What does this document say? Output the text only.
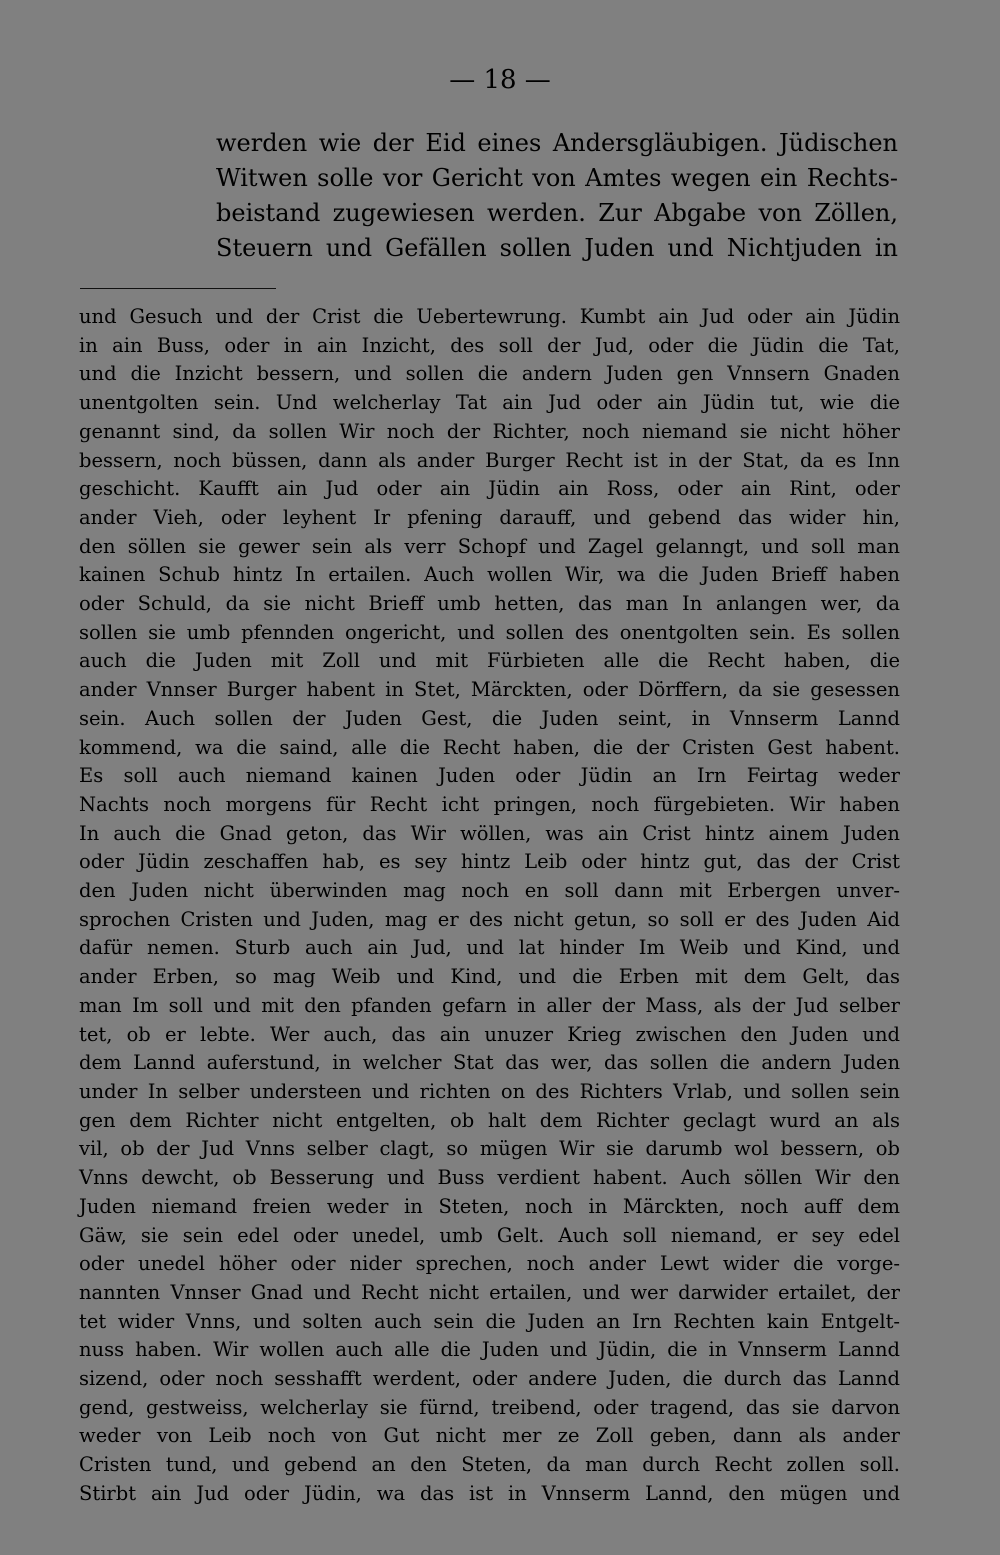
— 18 —
werden wie der Eid eines Andersgläubigen. Jüdischen
Witwen solle vor Gericht von Amtes wegen ein Rechts-
beistand zugewiesen werden. Zur Abgabe von Zöllen,
Steuern und Gefällen sollen Juden und Nichtjuden in
und Gesuch und der Crist die Uebertewrung. Kumbt ain Jud oder ain Jüdin
in ain Buss, oder in ain Inzicht, des soll der Jud, oder die Jüdin die Tat,
und die Inzicht bessern, und sollen die andern Juden gen Vnnsern Gnaden
unentgolten sein. Und welcherlay Tat ain Jud oder ain Jüdin tut, wie die
genannt sind, da sollen Wir noch der Richter, noch niemand sie nicht höher
bessern, noch büssen, dann als ander Burger Recht ist in der Stat, da es Inn
geschicht. Kaufft ain Jud oder ain Jüdin ain Ross, oder ain Rint, oder
ander Vieh, oder leyhent Ir pfening darauff, und gebend das wider hin,
den söllen sie gewer sein als verr Schopf und Zagel gelanngt, und soll man
kainen Schub hintz In ertailen. Auch wollen Wir, wa die Juden Brieff haben
oder Schuld, da sie nicht Brieff umb hetten, das man In anlangen wer, da
sollen sie umb pfennden ongericht, und sollen des onentgolten sein. Es sollen
auch die Juden mit Zoll und mit Fürbieten alle die Recht haben, die
ander Vnnser Burger habent in Stet, Märckten, oder Dörffern, da sie gesessen
sein. Auch sollen der Juden Gest, die Juden seint, in Vnnserm Lannd
kommend, wa die saind, alle die Recht haben, die der Cristen Gest habent.
Es soll auch niemand kainen Juden oder Jüdin an Irn Feirtag weder
Nachts noch morgens für Recht icht pringen, noch fürgebieten. Wir haben
In auch die Gnad geton, das Wir wöllen, was ain Crist hintz ainem Juden
oder Jüdin zeschaffen hab, es sey hintz Leib oder hintz gut, das der Crist
den Juden nicht überwinden mag noch en soll dann mit Erbergen unver-
sprochen Cristen und Juden, mag er des nicht getun, so soll er des Juden Aid
dafür nemen. Sturb auch ain Jud, und lat hinder Im Weib und Kind, und
ander Erben, so mag Weib und Kind, und die Erben mit dem Gelt, das
man Im soll und mit den pfanden gefarn in aller der Mass, als der Jud selber
tet, ob er lebte. Wer auch, das ain unuzer Krieg zwischen den Juden und
dem Lannd auferstund, in welcher Stat das wer, das sollen die andern Juden
under In selber understeen und richten on des Richters Vrlab, und sollen sein
gen dem Richter nicht entgelten, ob halt dem Richter geclagt wurd an als
vil, ob der Jud Vnns selber clagt, so mügen Wir sie darumb wol bessern, ob
Vnns dewcht, ob Besserung und Buss verdient habent. Auch söllen Wir den
Juden niemand freien weder in Steten, noch in Märckten, noch auff dem
Gäw, sie sein edel oder unedel, umb Gelt. Auch soll niemand, er sey edel
oder unedel höher oder nider sprechen, noch ander Lewt wider die vorge-
nannten Vnnser Gnad und Recht nicht ertailen, und wer darwider ertailet, der
tet wider Vnns, und solten auch sein die Juden an Irn Rechten kain Entgelt-
nuss haben. Wir wollen auch alle die Juden und Jüdin, die in Vnnserm Lannd
sizend, oder noch sesshafft werdent, oder andere Juden, die durch das Lannd
gend, gestweiss, welcherlay sie fürnd, treibend, oder tragend, das sie darvon
weder von Leib noch von Gut nicht mer ze Zoll geben, dann als ander
Cristen tund, und gebend an den Steten, da man durch Recht zollen soll.
Stirbt ain Jud oder Jüdin, wa das ist in Vnnserm Lannd, den mügen und
